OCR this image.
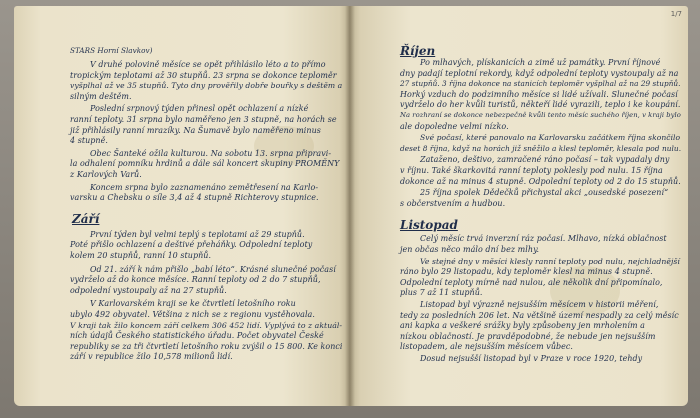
STARS Horní Slavkov)
V druhé polovině měsíce se opět přihlásilo léto a to přímo
tropickým teplotami až 30 stupňů. 23 srpna se dokonce teploměr
vyšplhal až ve 35 stupňů. Tyto dny prověřily dobře bouřky s deštěm a
silným deštěm.
Poslední srpnový týden přinesl opět ochlazení a nízké
ranní teploty. 31 srpna bylo naměřeno jen 3 stupně, na horách se
již přihlásily ranní mrazíky. Na Šumavě bylo naměřeno minus
4 stupně.
Obec Šanteké ožila kulturou. Na sobotu 13. srpna připravi-
la odhalení pomníku hrdinů a dále sál koncert skupiny PROMĚNY
z Karlových Varů.
Koncem srpna bylo zaznamenáno zemětřesení na Karlo-
varsku a Chebsku o síle 3,4 až 4 stupně Richterovy stupnice.
Září
První týden byl velmi teplý s teplotami až 29 stupňů.
Poté přišlo ochlazení a deštivé přeháňky. Odpolední teploty
kolem 20 stupňů, ranní 10 stupňů.
Od 21. září k nám přišlo „babí léto“. Krásné slunečné počasí
vydrželo až do konce měsíce. Ranní teploty od 2 do 7 stupňů,
odpolední vystoupaly až na 27 stupňů.
V Karlovarském kraji se ke čtvrtletí letošního roku
ubylo 492 obyvatel. Většina z nich se z regionu vystěhovala.
V kraji tak žilo koncem září celkem 306 452 lidí. Vyplývá to z aktuál-
ních údajů Českého statistického úřadu. Počet obyvatel České
republiky se za tři čtvrtletí letošního roku zvýšil o 15 800. Ke konci
září v republice žilo 10,578 milionů lidí.
Říjen
Po mlhavých, plískanicích a zimě už památky. První říjnové
dny padají teplotní rekordy, když odpolední teploty vystoupaly až na
27 stupňů. 3 října dokonce na stanicích teploměr vyšplhal až na 29 stupňů.
Horký vzduch do podzimního měsíce si lidé užívali. Slunečné počasí
vydrželo do her kvůli turistů, někteří lidé vyrazili, teplo i ke koupání.
Na rozhraní se dokonce nebezpečně kvůli tento měsíc suchého říjen, v kraji bylo
ale dopoledne velmi nízko.
Své počasí, které panovalo na Karlovarsku začátkem října skončilo
deset 8 října, když na horách již sněžilo a klesl teploměr, klesala pod nulu.
Zataženo, deštivo, zamračené ráno počasí – tak vypadaly dny
v říjnu. Také škarkovitá ranní teploty poklesly pod nulu. 15 října
dokonce až na minus 4 stupně. Odpolední teploty od 2 do 15 stupňů.
25 října spolek Dědečků přichystal akci „ousedské posezení“
s občerstvením a hudbou.
Listopad
Celý měsíc trvá inverzní ráz počasí. Mlhavo, nízká oblačnost
jen občas něco málo dní bez mlhy.
Ve stejné dny v měsíci klesly ranní teploty pod nulu, nejchladnější
ráno bylo 29 listopadu, kdy teploměr klesl na minus 4 stupně.
Odpolední teploty mírně nad nulou, ale několik dní připomínalo,
plus 7 až 11 stupňů.
Listopad byl výrazně nejsušším měsícem v historii měření,
tedy za posledních 206 let. Na většině území nespadly za celý měsíc
ani kapka a veškeré srážky byly způsobeny jen mrholením a
nízkou oblačností. Je pravděpodobné, že nebude jen nejsušším
listopadem, ale nejsušším měsícem vůbec.
Dosud nejsušší listopad byl v Praze v roce 1920, tehdy
1/7
